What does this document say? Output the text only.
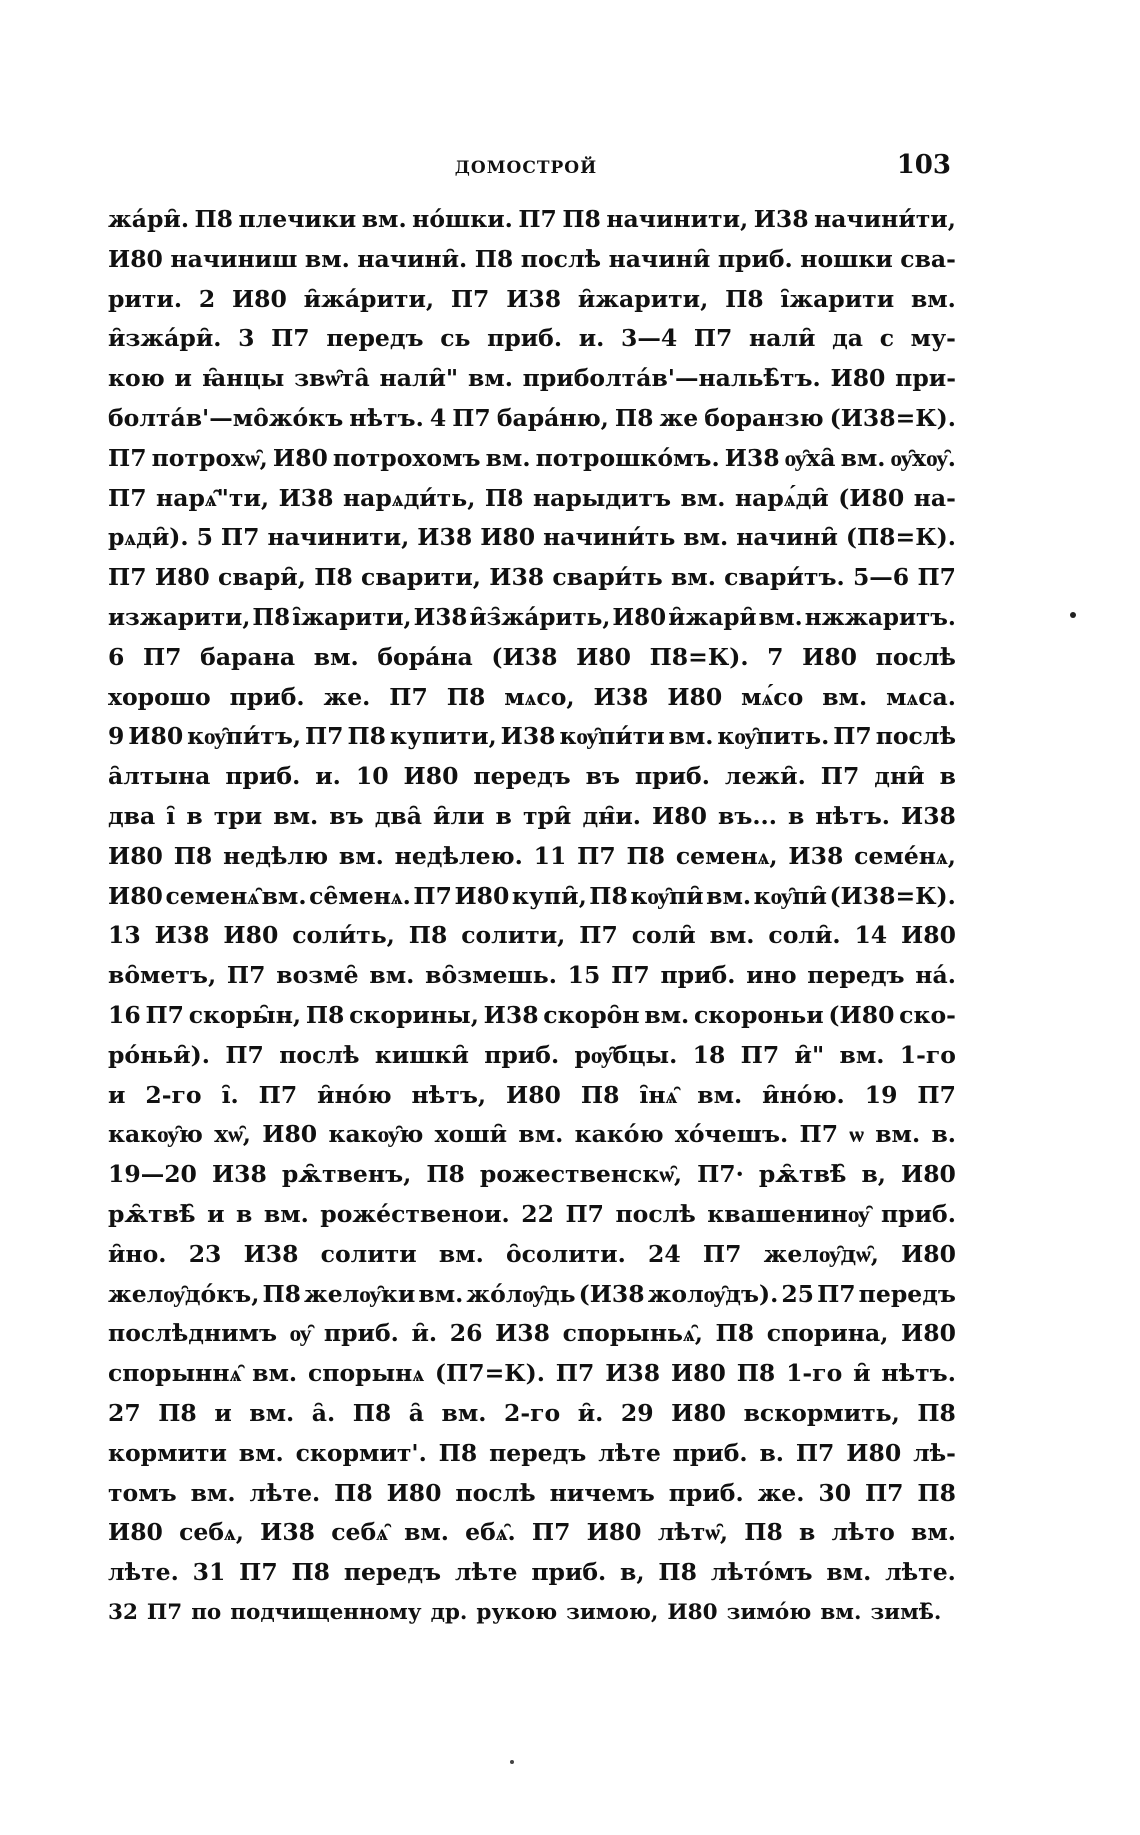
ДОМОСТРОЙ	103
жа́ри̑. П8 плечики вм. но́шки. П7 П8 начинити, И38 начини́ти,
И80 начиниш вм. начини̑. П8 послѣ начини̑ приб. ношки сва-
рити. 2 И80 и̑жа́рити, П7 И38 и̑жарити, П8 і̑жарити вм.
и̑зжа́ри̑. 3 П7 передъ сь приб. и. 3—4 П7 нали̑ да с му-
кою и ꙗ̑нцы звѡ̑та̑ нали̑" вм. приболта́в'—нальѣ̑тъ. И80 при-
болта́в'—мо̑жо́къ нѣтъ. 4 П7 бара́ню, П8 же боранзю (И38=К).
П7 потрохѡ̑, И80 потрохомъ вм. потрошко́мъ. И38 ѹ̑ха̑ вм. ѹ̑хѹ̑.
П7 нарѧ̑"ти, И38 нарѧди́ть, П8 нарыдитъ вм. нарѧ́ди̑ (И80 на-
рѧди̑). 5 П7 начинити, И38 И80 начини́ть вм. начини̑ (П8=К).
П7 И80 свари̑, П8 сварити, И38 свари́ть вм. свари́тъ. 5—6 П7
изжарити, П8 і̑жарити, И38 и̑з̑жа́рить, И80 и̑жари̑ вм. нжжаритъ.
6 П7 барана вм. бора́на (И38 И80 П8=К). 7 И80 послѣ
хорошо приб. же. П7 П8 мѧсо, И38 И80 мѧ́со вм. мѧса.
9 И80 кѹ̑пи́тъ, П7 П8 купити, И38 кѹ̑пи́ти вм. кѹ̑пить. П7 послѣ
а̑лтына приб. и. 10 И80 передъ въ приб. лежи̑. П7 дни̑ в
два і̑ в три вм. въ два̑ и̑ли в три̑ дн̑и. И80 въ... в нѣтъ. И38
И80 П8 недѣлю вм. недѣлею. 11 П7 П8 семенѧ, И38 семе́нѧ,
И80 семенѧ̑ вм. се̑менѧ. П7 И80 купи̑, П8 кѹ̑пи̑ вм. кѹ̑пи̑ (И38=К).
13 И38 И80 соли́ть, П8 солити, П7 соли̑ вм. соли̑. 14 И80
во̑метъ, П7 возме̑ вм. во̑змешь. 15 П7 приб. ино передъ на́.
16 П7 скоры̑н, П8 скорины, И38 скоро̑н вм. скороньи (И80 ско-
ро́ньи̑). П7 послѣ кишки̑ приб. рѹ̑бцы. 18 П7 и̑" вм. 1-го
и 2-го і̑. П7 и̑но́ю нѣтъ, И80 П8 і̑нѧ̑ вм. и̑но́ю. 19 П7
какѹ̑ю хѡ̑, И80 какѹ̑ю хоши̑ вм. како́ю хо́чешъ. П7 ѡ вм. в.
19—20 И38 рѫ̑твенъ, П8 рожественскѡ̑, П7· рѫ̑твѣ̑ в, И80
рѫ̑твѣ̑ и в вм. роже́ственои. 22 П7 послѣ квашенинѹ̑ приб.
и̑но. 23 И38 солити вм. о̑солити. 24 П7 желѹ̑дѡ̑, И80
желѹ̑до́къ, П8 желѹ̑ки вм. жо́лѹ̑дь (И38 жолѹ̑дъ). 25 П7 передъ
послѣднимъ ѹ̑ приб. и̑. 26 И38 спорыньѧ̑, П8 спорина, И80
спорыннѧ̑ вм. спорынѧ (П7=К). П7 И38 И80 П8 1-го и̑ нѣтъ.
27 П8 и вм. а̑. П8 а̑ вм. 2-го и̑. 29 И80 вскормить, П8
кормити вм. скормит'. П8 передъ лѣте приб. в. П7 И80 лѣ-
томъ вм. лѣте. П8 И80 послѣ ничемъ приб. же. 30 П7 П8
И80 себѧ, И38 себѧ̑ вм. ебѧ̑. П7 И80 лѣтѡ̑, П8 в лѣто вм.
лѣте. 31 П7 П8 передъ лѣте приб. в, П8 лѣто́мъ вм. лѣте.
32 П7 по подчищенному др. рукою зимою, И80 зимо́ю вм. зимѣ̑.
